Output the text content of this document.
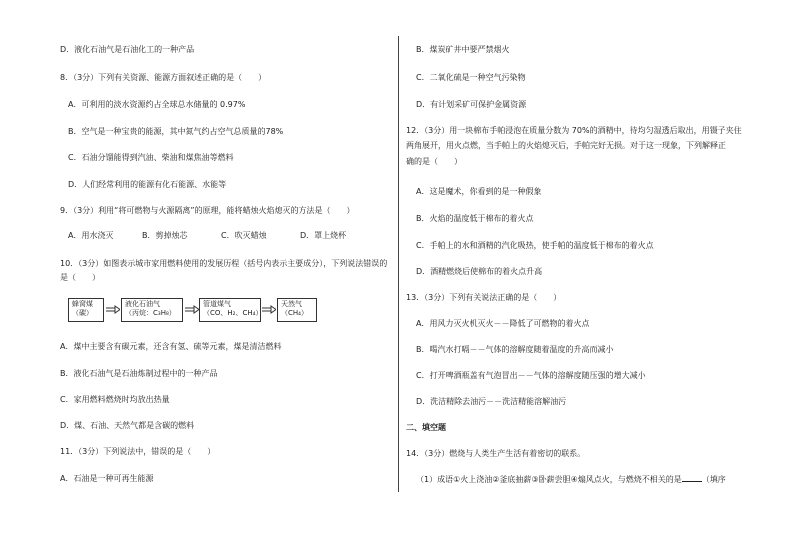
D．液化石油气是石油化工的一种产品
8．（3分）下列有关资源、能源方面叙述正确的是（　　）
A．可利用的淡水资源约占全球总水储量的 0.97%
B．空气是一种宝贵的能源，其中氮气约占空气总质量的78%
C．石油分馏能得到汽油、柴油和煤焦油等燃料
D．人们经常利用的能源有化石能源、水能等
9．（3分）利用“将可燃物与火源隔离”的原理，能将蜡烛火焰熄灭的方法是（　　）
A．用水浇灭	B．剪掉烛芯	C．吹灭蜡烛	D．罩上烧杯
10．（3分）如图表示城市家用燃料使用的发展历程（括号内表示主要成分），下列说法错误的
是（　　）
蜂窝煤
（碳）
液化石油气
（丙烷：C₃H₈）
管道煤气
（CO、H₂、CH₄）
天然气
（CH₄）
A．煤中主要含有碳元素，还含有氢、硫等元素，煤是清洁燃料
B．液化石油气是石油炼制过程中的一种产品
C．家用燃料燃烧时均放出热量
D．煤、石油、天然气都是含碳的燃料
11．（3分）下列说法中，错误的是（　　）
A．石油是一种可再生能源
B．煤炭矿井中要严禁烟火
C．二氧化硫是一种空气污染物
D．有计划采矿可保护金属资源
12．（3分）用一块棉布手帕浸泡在质量分数为 70%的酒精中，待均匀湿透后取出，用镊子夹住
两角展开，用火点燃，当手帕上的火焰熄灭后，手帕完好无损。对于这一现象，下列解释正
确的是（　　）
A．这是魔术，你看到的是一种假象
B．火焰的温度低于棉布的着火点
C．手帕上的水和酒精的汽化吸热，使手帕的温度低于棉布的着火点
D．酒精燃烧后使棉布的着火点升高
13．（3分）下列有关说法正确的是（　　）
A．用风力灭火机灭火－－降低了可燃物的着火点
B．喝汽水打嗝－－气体的溶解度随着温度的升高而减小
C．打开啤酒瓶盖有气泡冒出－－气体的溶解度随压强的增大减小
D．洗洁精除去油污－－洗洁精能溶解油污
二、填空题
14．（3分）燃烧与人类生产生活有着密切的联系。
（1）成语①火上浇油②釜底抽薪③卧薪尝胆④煽风点火，与燃烧不相关的是	（填序
